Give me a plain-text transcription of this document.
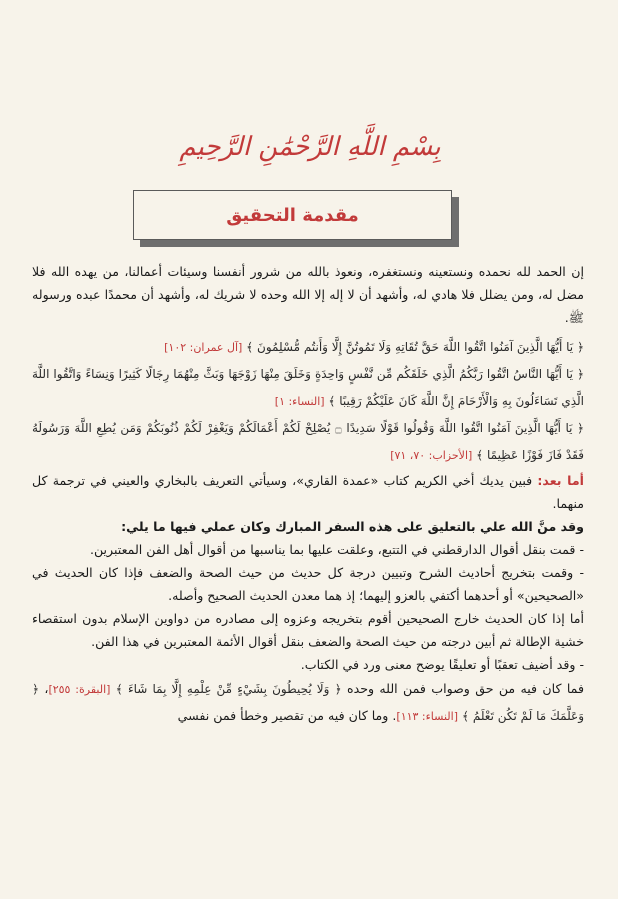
بِسْمِ اللَّهِ الرَّحْمَٰنِ الرَّحِيمِ
مقدمة التحقيق

إن الحمد لله نحمده ونستعينه ونستغفره، ونعوذ بالله من شرور أنفسنا وسيئات أعمالنا، من يهده الله فلا مضل له، ومن يضلل فلا هادي له، وأشهد أن لا إله إلا الله وحده لا شريك له، وأشهد أن محمدًا عبده ورسوله ﷺ.

﴿ يَا أَيُّهَا الَّذِينَ آمَنُوا اتَّقُوا اللَّهَ حَقَّ تُقَاتِهِ وَلَا تَمُوتُنَّ إِلَّا وَأَنتُم مُّسْلِمُونَ ﴾ [آل عمران: ١٠٢]

﴿ يَا أَيُّهَا النَّاسُ اتَّقُوا رَبَّكُمُ الَّذِي خَلَقَكُم مِّن نَّفْسٍ وَاحِدَةٍ وَخَلَقَ مِنْهَا زَوْجَهَا وَبَثَّ مِنْهُمَا رِجَالًا كَثِيرًا وَنِسَاءً وَاتَّقُوا اللَّهَ الَّذِي تَسَاءَلُونَ بِهِ وَالْأَرْحَامَ إِنَّ اللَّهَ كَانَ عَلَيْكُمْ رَقِيبًا ﴾ [النساء: ١]

﴿ يَا أَيُّهَا الَّذِينَ آمَنُوا اتَّقُوا اللَّهَ وَقُولُوا قَوْلًا سَدِيدًا ۝ يُصْلِحْ لَكُمْ أَعْمَالَكُمْ وَيَغْفِرْ لَكُمْ ذُنُوبَكُمْ وَمَن يُطِعِ اللَّهَ وَرَسُولَهُ فَقَدْ فَازَ فَوْزًا عَظِيمًا ﴾ [الأحزاب: ٧٠، ٧١]

أما بعد: فبين يديك أخي الكريم كتاب «عمدة القاري»، وسيأتي التعريف بالبخاري والعيني في ترجمة كل منهما.

وقد منَّ الله علي بالتعليق على هذه السفر المبارك وكان عملي فيها ما يلي:

- قمت بنقل أقوال الدارقطني في التتبع، وعلقت عليها بما يناسبها من أقوال أهل الفن المعتبرين.

- وقمت بتخريج أحاديث الشرح وتبيين درجة كل حديث من حيث الصحة والضعف فإذا كان الحديث في «الصحيحين» أو أحدهما أكتفي بالعزو إليهما؛ إذ هما معدن الحديث الصحيح وأصله.

أما إذا كان الحديث خارج الصحيحين أقوم بتخريجه وعزوه إلى مصادره من دواوين الإسلام بدون استقصاء خشية الإطالة ثم أبين درجته من حيث الصحة والضعف بنقل أقوال الأئمة المعتبرين في هذا الفن.

- وقد أضيف تعقبًا أو تعليقًا يوضح معنى ورد في الكتاب.

فما كان فيه من حق وصواب فمن الله وحده ﴿ وَلَا يُحِيطُونَ بِشَيْءٍ مِّنْ عِلْمِهِ إِلَّا بِمَا شَاءَ ﴾ [البقرة: ٢٥٥]، ﴿ وَعَلَّمَكَ مَا لَمْ تَكُن تَعْلَمُ ﴾ [النساء: ١١٣]. وما كان فيه من تقصير وخطأ فمن نفسي
